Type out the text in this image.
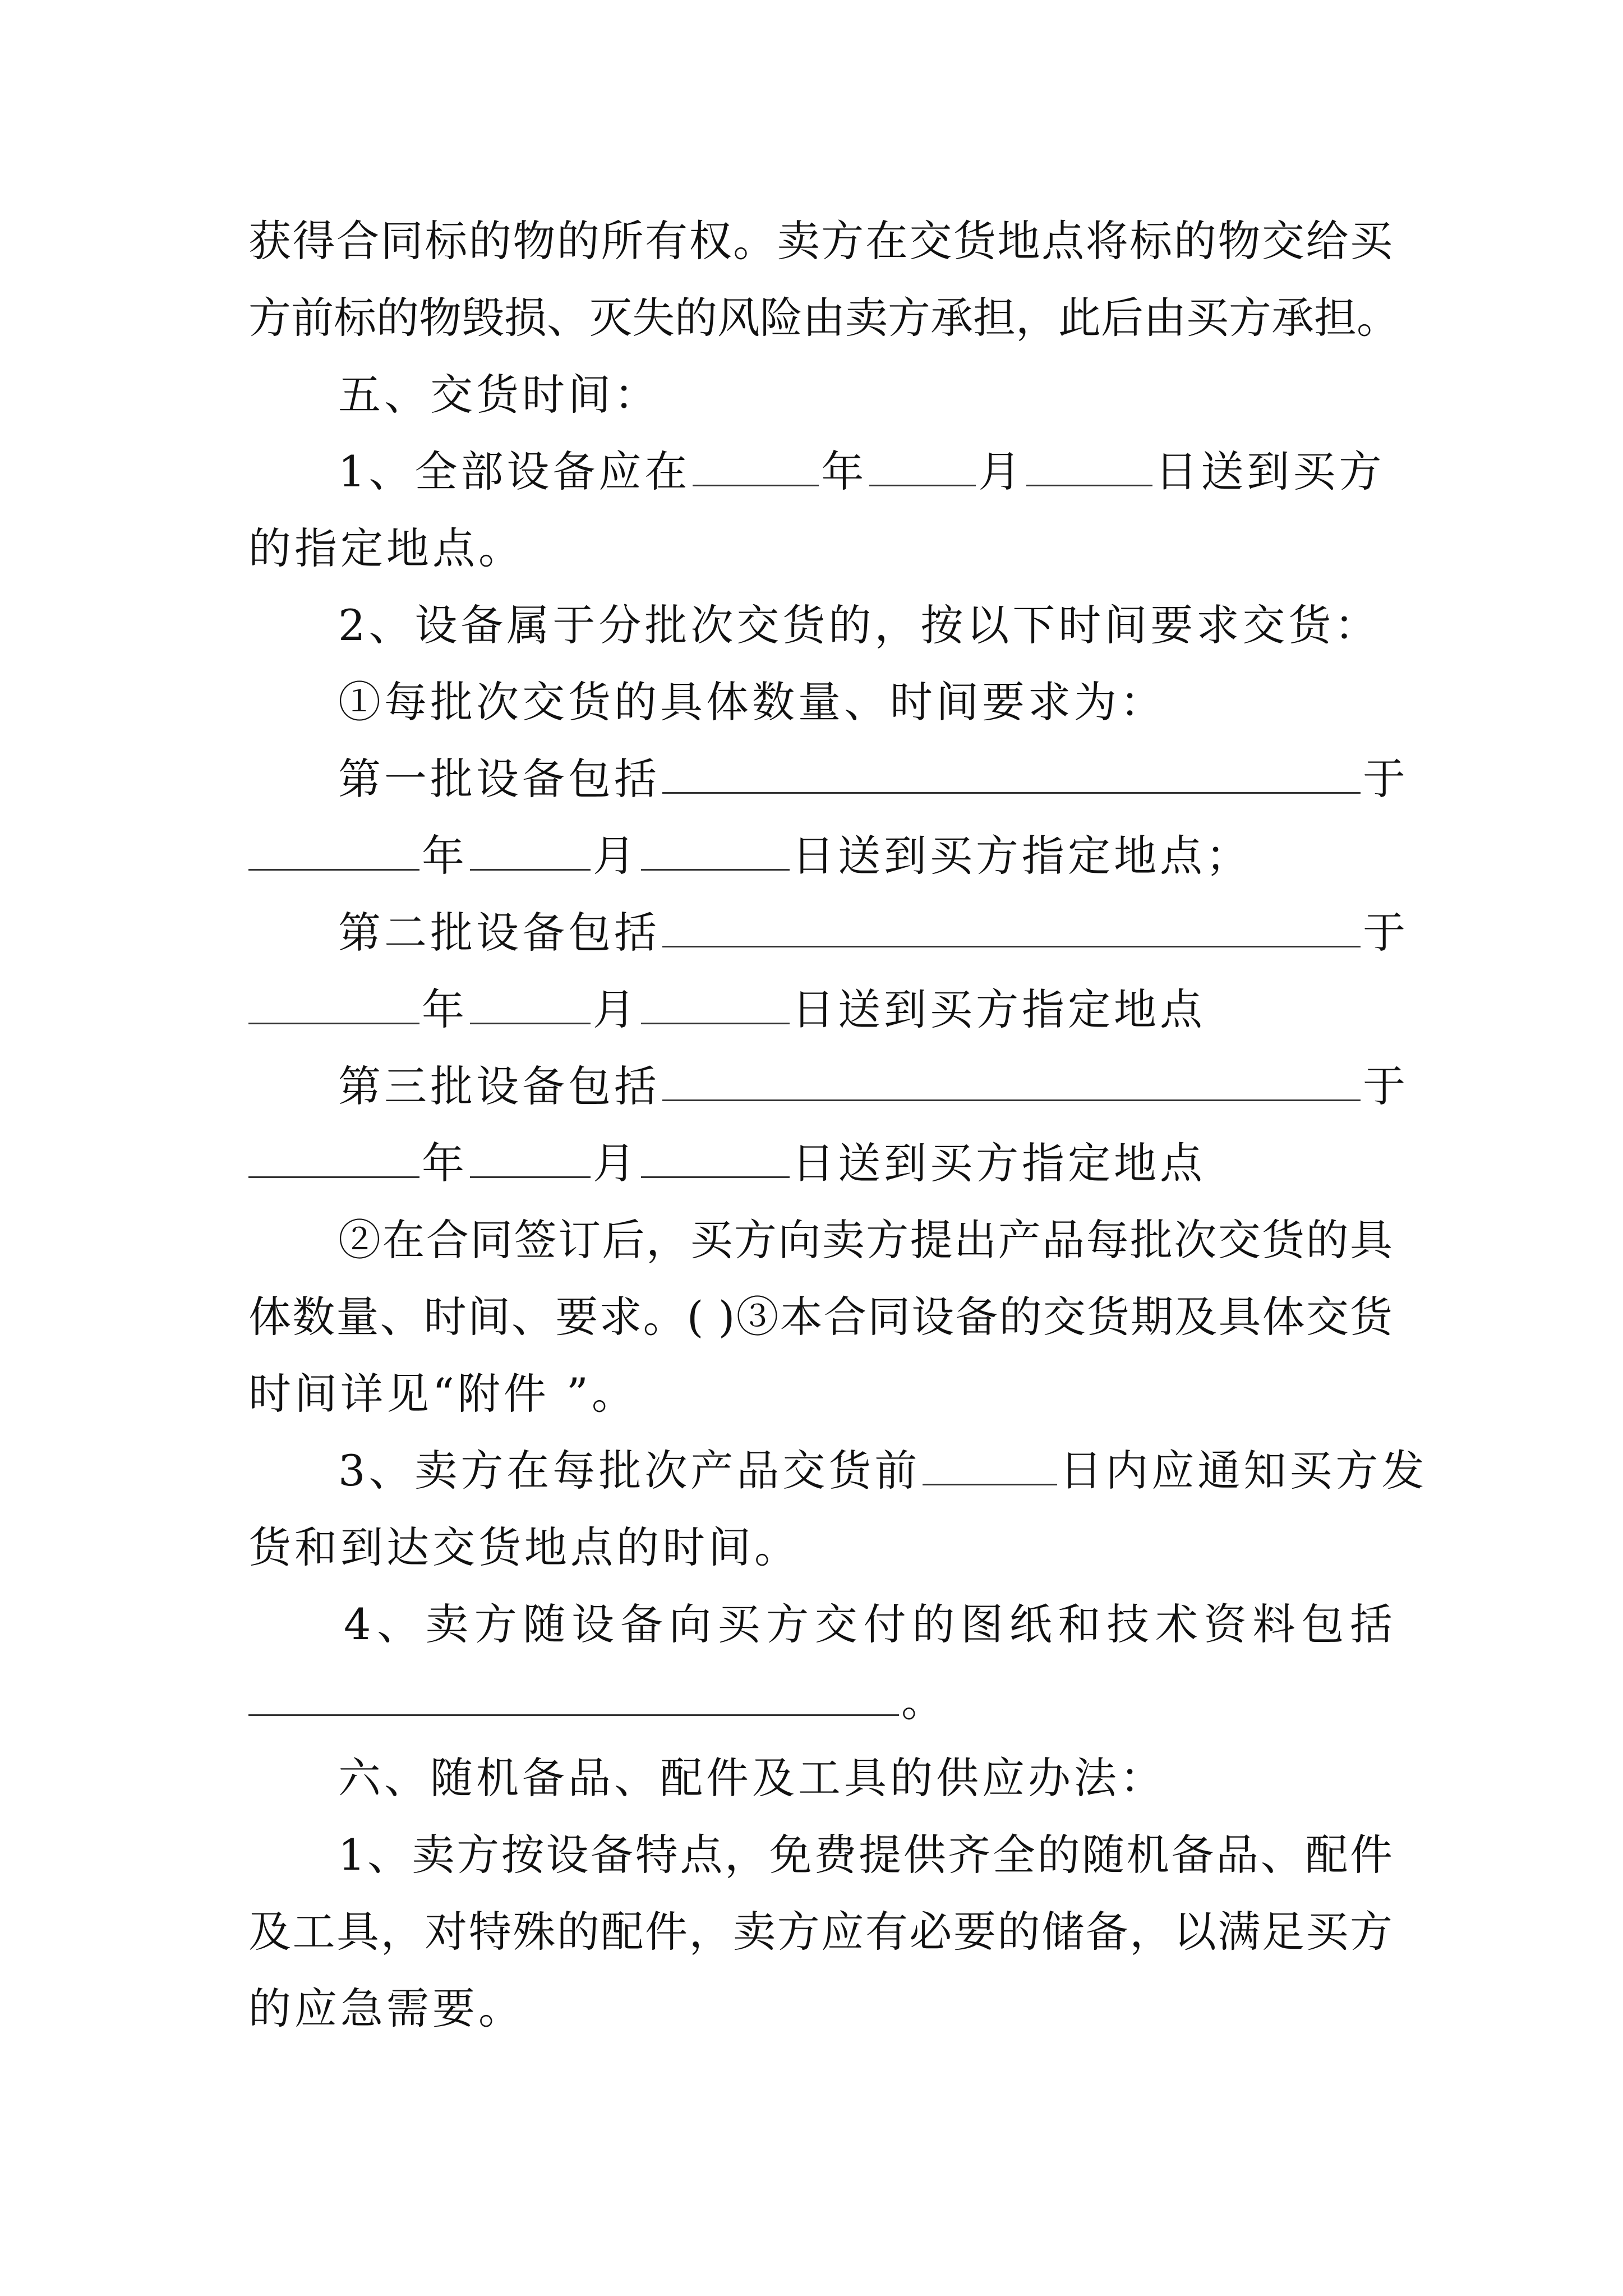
获得合同标的物的所有权。卖方在交货地点将标的物交给买
方前标的物毁损、灭失的风险由卖方承担，此后由买方承担。
五、交货时间：
1、全部设备应在	年	月	日送到买方
的指定地点。
2、设备属于分批次交货的，按以下时间要求交货：
①每批次交货的具体数量、时间要求为：
第一批设备包括	于
年	月	日送到买方指定地点；
第二批设备包括	于
年	月	日送到买方指定地点
第三批设备包括	于
年	月	日送到买方指定地点
②在合同签订后，买方向卖方提出产品每批次交货的具
体数量、时间、要求。( )③本合同设备的交货期及具体交货
时间详见“附件 ”。
3、卖方在每批次产品交货前	日内应通知买方发
货和到达交货地点的时间。
4、卖方随设备向买方交付的图纸和技术资料包括
。
六、随机备品、配件及工具的供应办法：
1、卖方按设备特点，免费提供齐全的随机备品、配件
及工具，对特殊的配件，卖方应有必要的储备，以满足买方
的应急需要。
